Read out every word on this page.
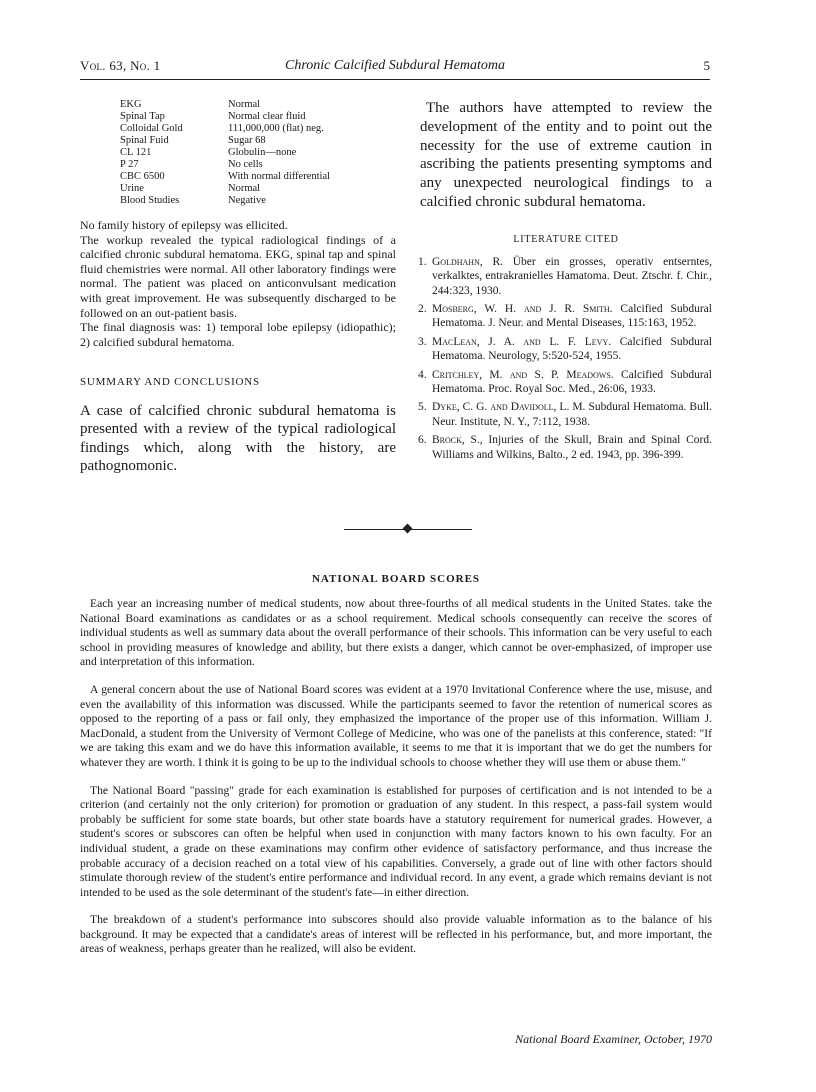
Vol. 63, No. 1	Chronic Calcified Subdural Hematoma	5
EKG	Normal
Spinal Tap	Normal clear fluid
Colloidal Gold	111,000,000 (flat) neg.
Spinal Fuid	Sugar 68
CL 121	Globulin—none
P 27	No cells
CBC 6500	With normal differential
Urine	Normal
Blood Studies	Negative

No family history of epilepsy was ellicited.

The workup revealed the typical radiological findings of a calcified chronic subdural hematoma. EKG, spinal tap and spinal fluid chemistries were normal. All other laboratory findings were normal. The patient was placed on anticonvulsant medication with great improvement. He was subsequently discharged to be followed on an out-patient basis.

The final diagnosis was: 1) temporal lobe epilepsy (idiopathic); 2) calcified subdural hematoma.

SUMMARY AND CONCLUSIONS

A case of calcified chronic subdural hematoma is presented with a review of the typical radiological findings which, along with the history, are pathognomonic.

The authors have attempted to review the development of the entity and to point out the necessity for the use of extreme caution in ascribing the patients presenting symptoms and any unexpected neurological findings to a calcified chronic subdural hematoma.

LITERATURE CITED

1. Goldhahn, R. Über ein grosses, operativ entserntes, verkalktes, entrakranielles Hamatoma. Deut. Ztschr. f. Chir., 244:323, 1930.
2. Mosberg, W. H. and J. R. Smith. Calcified Subdural Hematoma. J. Neur. and Mental Diseases, 115:163, 1952.
3. MacLean, J. A. and L. F. Levy. Calcified Subdural Hematoma. Neurology, 5:520-524, 1955.
4. Critchley, M. and S. P. Meadows. Calcified Subdural Hematoma. Proc. Royal Soc. Med., 26:06, 1933.
5. Dyke, C. G. and Davidoll, L. M. Subdural Hematoma. Bull. Neur. Institute, N. Y., 7:112, 1938.
6. Brock, S., Injuries of the Skull, Brain and Spinal Cord. Williams and Wilkins, Balto., 2 ed. 1943, pp. 396-399.
NATIONAL BOARD SCORES

Each year an increasing number of medical students, now about three-fourths of all medical students in the United States. take the National Board examinations as candidates or as a school requirement. Medical schools consequently can receive the scores of individual students as well as summary data about the overall performance of their schools. This information can be very useful to each school in providing measures of knowledge and ability, but there exists a danger, which cannot be over-emphasized, of improper use and interpretation of this information.

A general concern about the use of National Board scores was evident at a 1970 Invitational Conference where the use, misuse, and even the availability of this information was discussed. While the participants seemed to favor the retention of numerical scores as opposed to the reporting of a pass or fail only, they emphasized the importance of the proper use of this information. William J. MacDonald, a student from the University of Vermont College of Medicine, who was one of the panelists at this conference, stated: "If we are taking this exam and we do have this information available, it seems to me that it is important that we do get the numbers for whatever they are worth. I think it is going to be up to the individual schools to choose whether they will use them or abuse them."

The National Board "passing" grade for each examination is established for purposes of certification and is not intended to be a criterion (and certainly not the only criterion) for promotion or graduation of any student. In this respect, a pass-fail system would probably be sufficient for some state boards, but other state boards have a statutory requirement for numerical grades. However, a student's scores or subscores can often be helpful when used in conjunction with many factors known to his own faculty. For an individual student, a grade on these examinations may confirm other evidence of satisfactory performance, and thus increase the probable accuracy of a decision reached on a total view of his capabilities. Conversely, a grade out of line with other factors should stimulate thorough review of the student's entire performance and individual record. In any event, a grade which remains deviant is not intended to be used as the sole determinant of the student's fate—in either direction.

The breakdown of a student's performance into subscores should also provide valuable information as to the balance of his background. It may be expected that a candidate's areas of interest will be reflected in his performance, but, and more important, the areas of weakness, perhaps greater than he realized, will also be evident.

National Board Examiner, October, 1970
